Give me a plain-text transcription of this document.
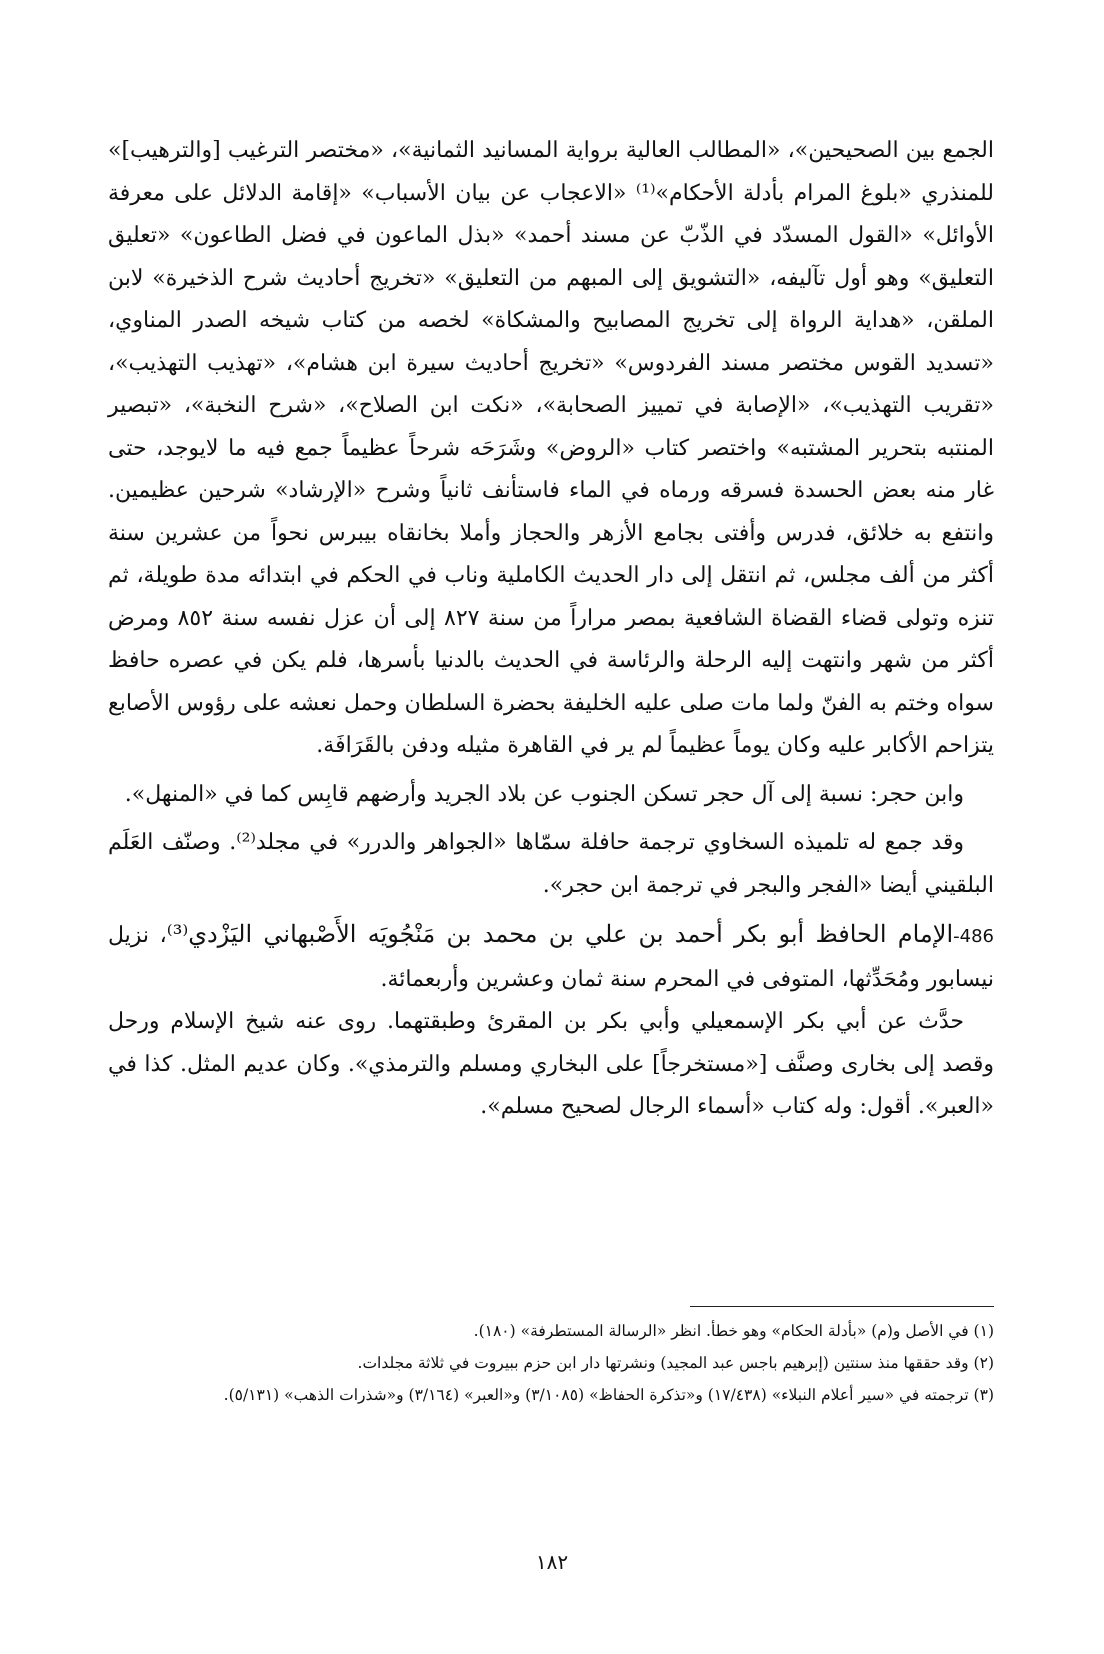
الجمع بين الصحيحين»، «المطالب العالية برواية المسانيد الثمانية»، «مختصر الترغيب [والترهيب]» للمنذري «بلوغ المرام بأدلة الأحكام»⁽¹⁾ «الاعجاب عن بيان الأسباب» «إقامة الدلائل على معرفة الأوائل» «القول المسدّد في الذّبّ عن مسند أحمد» «بذل الماعون في فضل الطاعون» «تعليق التعليق» وهو أول تآليفه، «التشويق إلى المبهم من التعليق» «تخريج أحاديث شرح الذخيرة» لابن الملقن، «هداية الرواة إلى تخريج المصابيح والمشكاة» لخصه من كتاب شيخه الصدر المناوي، «تسديد القوس مختصر مسند الفردوس» «تخريج أحاديث سيرة ابن هشام»، «تهذيب التهذيب»، «تقريب التهذيب»، «الإصابة في تمييز الصحابة»، «نكت ابن الصلاح»، «شرح النخبة»، «تبصير المنتبه بتحرير المشتبه» واختصر كتاب «الروض» وشَرَحَه شرحاً عظيماً جمع فيه ما لايوجد، حتى غار منه بعض الحسدة فسرقه ورماه في الماء فاستأنف ثانياً وشرح «الإرشاد» شرحين عظيمين. وانتفع به خلائق، فدرس وأفتى بجامع الأزهر والحجاز وأملا بخانقاه بيبرس نحواً من عشرين سنة أكثر من ألف مجلس، ثم انتقل إلى دار الحديث الكاملية وناب في الحكم في ابتدائه مدة طويلة، ثم تنزه وتولى قضاء القضاة الشافعية بمصر مراراً من سنة ٨٢٧ إلى أن عزل نفسه سنة ٨٥٢ ومرض أكثر من شهر وانتهت إليه الرحلة والرئاسة في الحديث بالدنيا بأسرها، فلم يكن في عصره حافظ سواه وختم به الفنّ ولما مات صلى عليه الخليفة بحضرة السلطان وحمل نعشه على رؤوس الأصابع يتزاحم الأكابر عليه وكان يوماً عظيماً لم ير في القاهرة مثيله ودفن بالقَرَافَة.

وابن حجر: نسبة إلى آل حجر تسكن الجنوب عن بلاد الجريد وأرضهم قابِس كما في «المنهل».

وقد جمع له تلميذه السخاوي ترجمة حافلة سمّاها «الجواهر والدرر» في مجلد⁽²⁾. وصنّف العَلَم البلقيني أيضا «الفجر والبجر في ترجمة ابن حجر».

486-الإمام الحافظ أبو بكر أحمد بن علي بن محمد بن مَنْجُويَه الأَصْبهاني اليَزْدي⁽³⁾، نزيل نيسابور ومُحَدِّثها، المتوفى في المحرم سنة ثمان وعشرين وأربعمائة.

حدَّث عن أبي بكر الإسمعيلي وأبي بكر بن المقرئ وطبقتهما. روى عنه شيخ الإسلام ورحل وقصد إلى بخارى وصنَّف [«مستخرجاً] على البخاري ومسلم والترمذي». وكان عديم المثل. كذا في «العبر». أقول: وله كتاب «أسماء الرجال لصحيح مسلم».

(١) في الأصل و(م) «بأدلة الحكام» وهو خطأ. انظر «الرسالة المستطرفة» (١٨٠).

(٢) وقد حققها منذ سنتين (إبرهيم باجس عبد المجيد) ونشرتها دار ابن حزم ببيروت في ثلاثة مجلدات.

(٣) ترجمته في «سير أعلام النبلاء» (١٧/٤٣٨) و«تذكرة الحفاظ» (٣/١٠٨٥) و«العبر» (٣/١٦٤) و«شذرات الذهب» (٥/١٣١).

١٨٢
